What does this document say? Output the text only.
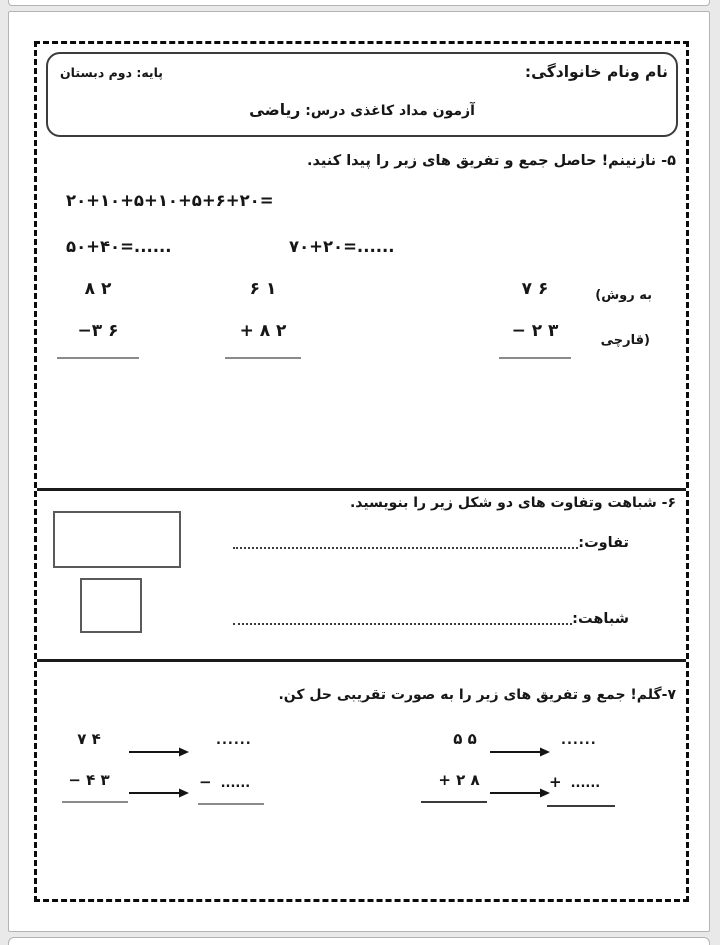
نام ونام خانوادگی:
پایه: دوم دبستان
آزمون مداد کاغذی درس: ریاضی
۵- نازنینم! حاصل جمع و تفریق های زیر را پیدا کنید.
۲۰+۱۰+۵+۱۰+۵+۶+۲۰=
۵۰+۴۰=......	۷۰+۲۰=......
۸ ۲
−۳ ۶
۶ ۱
+ ۸ ۲
۷ ۶
− ۲ ۳
(به روش
قارچی)
۶- شباهت وتفاوت های دو شکل زیر را بنویسید.
تفاوت:
شباهت:
۷-گلم! جمع و تفریق های زیر را به صورت تقریبی حل کن.
۷ ۴	......
− ۴ ۳	− ......
۵ ۵	......
+ ۲ ۸	+ ......
